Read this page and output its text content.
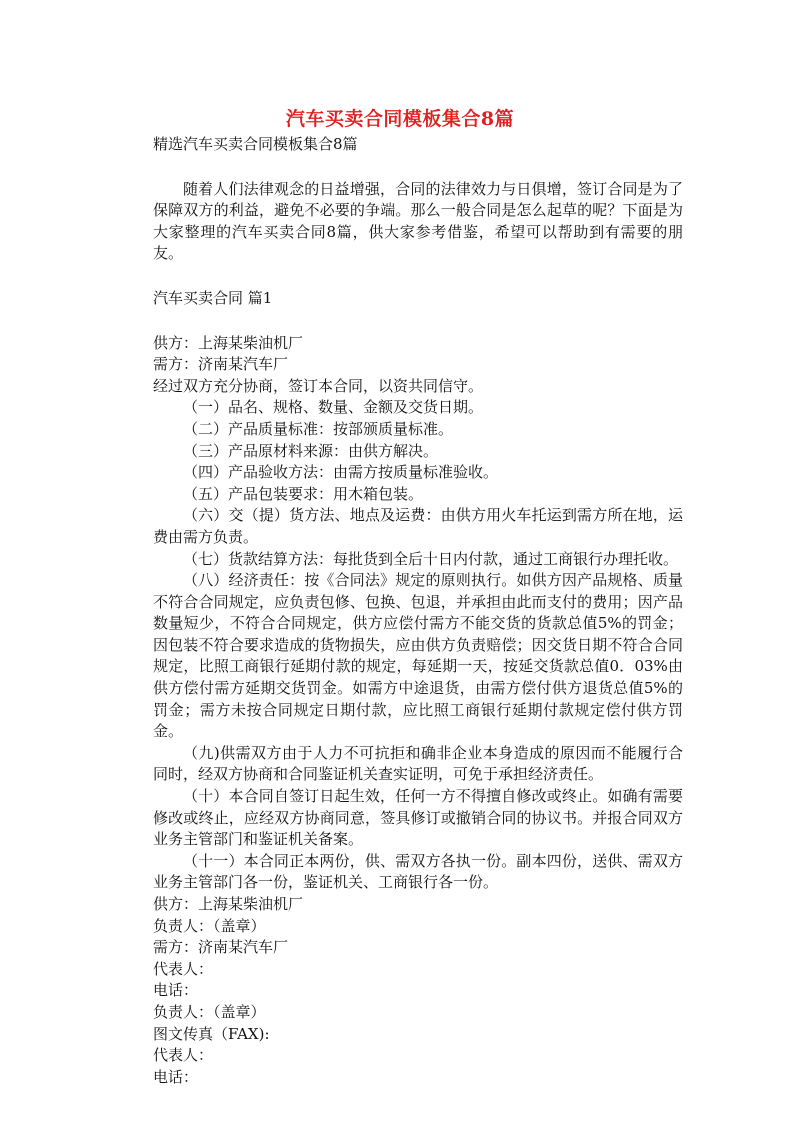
汽车买卖合同模板集合8篇

精选汽车买卖合同模板集合8篇

随着人们法律观念的日益增强，合同的法律效力与日俱增，签订合同是为了保障双方的利益，避免不必要的争端。那么一般合同是怎么起草的呢？下面是为大家整理的汽车买卖合同8篇，供大家参考借鉴，希望可以帮助到有需要的朋友。

汽车买卖合同 篇1

供方：上海某柴油机厂

需方：济南某汽车厂

经过双方充分协商，签订本合同，以资共同信守。

（一）品名、规格、数量、金额及交货日期。

（二）产品质量标准：按部颁质量标准。

（三）产品原材料来源：由供方解决。

（四）产品验收方法：由需方按质量标准验收。

（五）产品包装要求：用木箱包装。

（六）交（提）货方法、地点及运费：由供方用火车托运到需方所在地，运费由需方负责。

（七）货款结算方法：每批货到全后十日内付款，通过工商银行办理托收。

（八）经济责任：按《合同法》规定的原则执行。如供方因产品规格、质量不符合合同规定，应负责包修、包换、包退，并承担由此而支付的费用；因产品数量短少，不符合合同规定，供方应偿付需方不能交货的货款总值5%的罚金；因包装不符合要求造成的货物损失，应由供方负责赔偿；因交货日期不符合合同规定，比照工商银行延期付款的规定，每延期一天，按延交货款总值0．03%由供方偿付需方延期交货罚金。如需方中途退货，由需方偿付供方退货总值5%的罚金；需方未按合同规定日期付款，应比照工商银行延期付款规定偿付供方罚金。

（九)供需双方由于人力不可抗拒和确非企业本身造成的原因而不能履行合同时，经双方协商和合同鉴证机关查实证明，可免于承担经济责任。

（十）本合同自签订日起生效，任何一方不得擅自修改或终止。如确有需要修改或终止，应经双方协商同意，签具修订或撤销合同的协议书。并报合同双方业务主管部门和鉴证机关备案。

（十一）本合同正本两份，供、需双方各执一份。副本四份，送供、需双方业务主管部门各一份，鉴证机关、工商银行各一份。

供方：上海某柴油机厂

负责人：（盖章）

需方：济南某汽车厂

代表人：

电话：

负责人：（盖章）

图文传真（FAX):

代表人：

电话：
